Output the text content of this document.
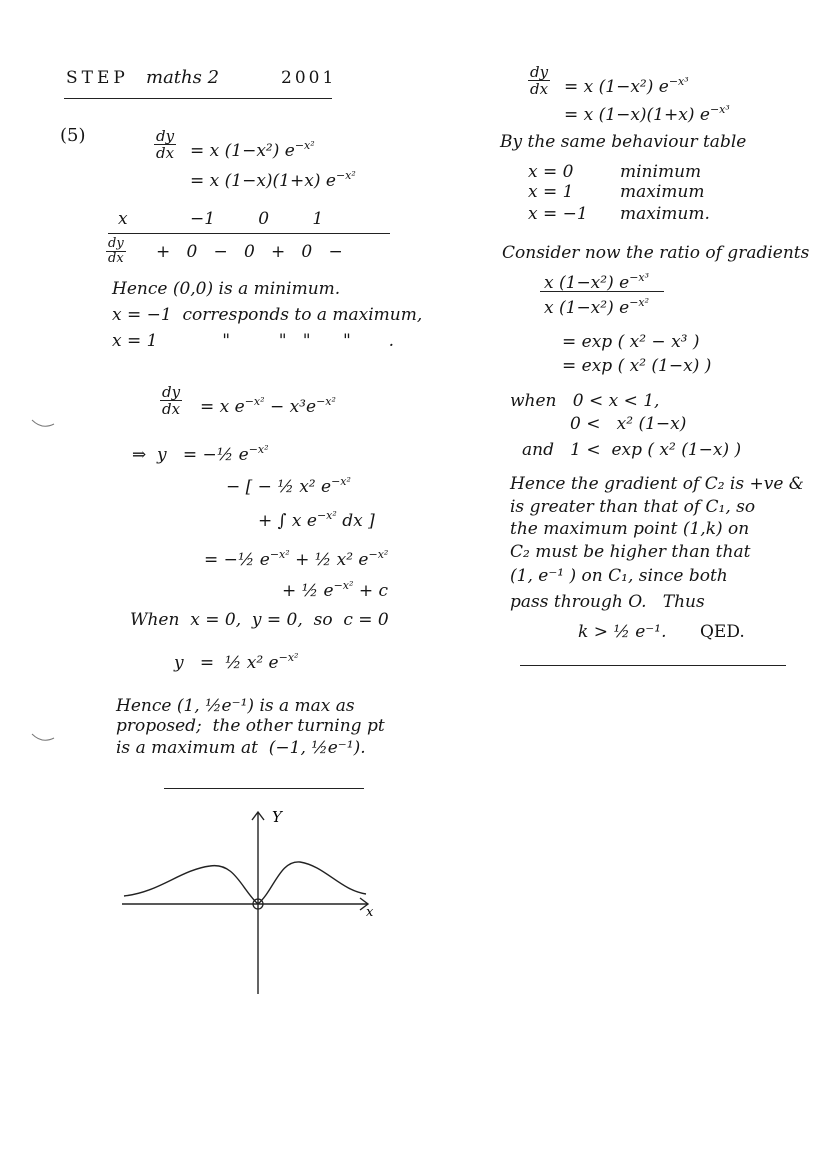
STEP maths 2	2001
(5)	$\frac{dy}{dx} = x$ (1−x²) $e^{-x^2}$
= x (1−x)(1+x) $e^{-x^2}$
x	−1        0        1
$\frac{dy}{dx} + 0 - 0 + 0$   −
Hence (0,0) is a minimum.
x = −1  corresponds to a maximum,
x = 1            "         "   "      "       .
$\frac{dy}{dx} = x$ $e^{-x^2} - x^3e^{-x^2}$
⇒  y   = −½ $e^{-x^2}$
− [ − ½ x² $e^{-x^2}$
+ ∫ x $e^{-x^2}$ dx ]
= −½ $e^{-x^2}$ + ½ x² $e^{-x^2}$
+ ½ $e^{-x^2} + c$
When  x = 0,  y = 0,  so  c = 0
y   =  ½ x² $e^{-x^2}$
Hence (1, ½e⁻¹) is a max as
proposed;  the other turning pt
is a maximum at  (−1, ½e⁻¹).
Y
x
$\frac{dy}{dx} = x$ (1−x²) $e^{-x^3}$
= x (1−x)(1+x) $e^{-x^3}$
By the same behaviour table
x = 0	minimum
x = 1	maximum
x = −1 maximum.
Consider now the ratio of gradients
x (1−x²) $e^{-x^3}$
x (1−x²) $e^{-x^2}$
= exp ( x² − x³ )
= exp ( x² (1−x) )
when   0 < x < 1,
0 <   x² (1−x)
and   1 <  exp ( x² (1−x) )
Hence the gradient of C₂ is +ve &
is greater than that of C₁, so
the maximum point (1,k) on
C₂ must be higher than that
(1, e⁻¹ ) on C₁, since both
pass through O.   Thus
k > ½ e⁻¹. QED.
